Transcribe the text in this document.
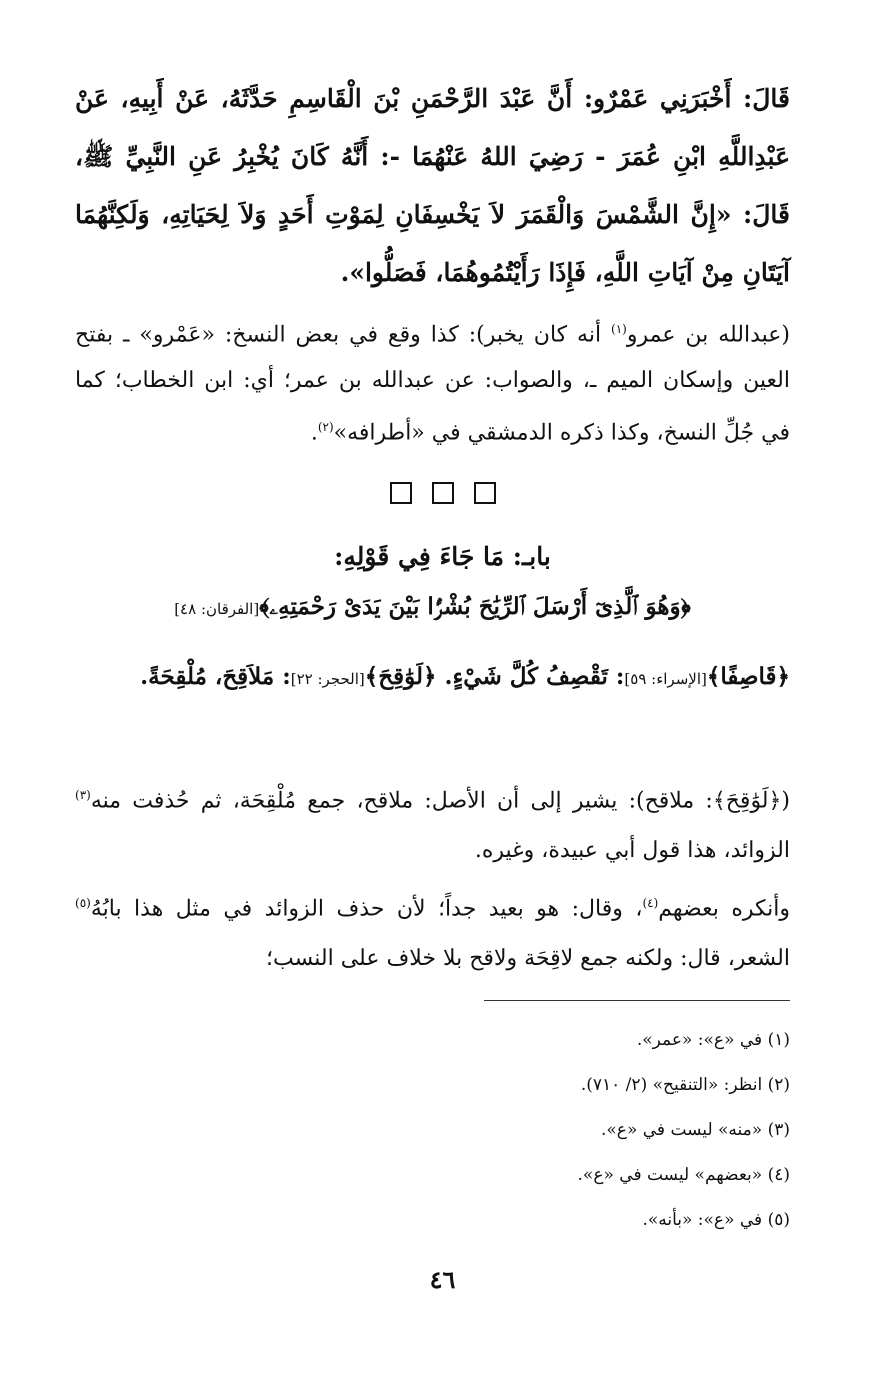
قَالَ: أَخْبَرَنِي عَمْرٌو: أَنَّ عَبْدَ الرَّحْمَنِ بْنَ الْقَاسِمِ حَدَّثَهُ، عَنْ أَبِيهِ، عَنْ عَبْدِاللَّهِ ابْنِ عُمَرَ - رَضِيَ اللهُ عَنْهُمَا -: أَنَّهُ كَانَ يُخْبِرُ عَنِ النَّبِيِّ ﷺ، قَالَ: «إِنَّ الشَّمْسَ وَالْقَمَرَ لاَ يَخْسِفَانِ لِمَوْتِ أَحَدٍ وَلاَ لِحَيَاتِهِ، وَلَكِنَّهُمَا آيَتَانِ مِنْ آيَاتِ اللَّهِ، فَإِذَا رَأَيْتُمُوهُمَا، فَصَلُّوا».
(عبدالله بن عمرو$^{(١)}$ أنه كان يخبر): كذا وقع في بعض النسخ: «عَمْرو» ـ بفتح العين وإسكان الميم ـ، والصواب: عن عبدالله بن عمر؛ أي: ابن الخطاب؛ كما في جُلِّ النسخ، وكذا ذكره الدمشقي في «أطرافه»$^{(٢)}$.
بابـ: مَا جَاءَ فِي قَوْلِهِ:
﴿وَهُوَ ٱلَّذِىٓ أَرْسَلَ ٱلرِّيَٰحَ بُشْرًۢا بَيْنَ يَدَىْ رَحْمَتِهِۦ﴾[الفرقان: ٤٨]
﴿قَاصِفًا﴾[الإسراء: ٥٩]: تَقْصِفُ كُلَّ شَيْءٍ. ﴿لَوَٰقِحَ﴾[الحجر: ٢٢]: مَلاَقِحَ، مُلْقِحَةً.
(﴿لَوَٰقِحَ﴾: ملاقح): يشير إلى أن الأصل: ملاقح، جمع مُلْقِحَة، ثم حُذفت منه$^{(٣)}$ الزوائد، هذا قول أبي عبيدة، وغيره.
وأنكره بعضهم$^{(٤)}$، وقال: هو بعيد جداً؛ لأن حذف الزوائد في مثل هذا بابُهُ$^{(٥)}$ الشعر، قال: ولكنه جمع لاقِحَة ولاقح بلا خلاف على النسب؛
(١) في «ع»: «عمر».
(٢) انظر: «التنقيح» (٢/ ٧١٠).
(٣) «منه» ليست في «ع».
(٤) «بعضهم» ليست في «ع».
(٥) في «ع»: «بأنه».
٤٦
